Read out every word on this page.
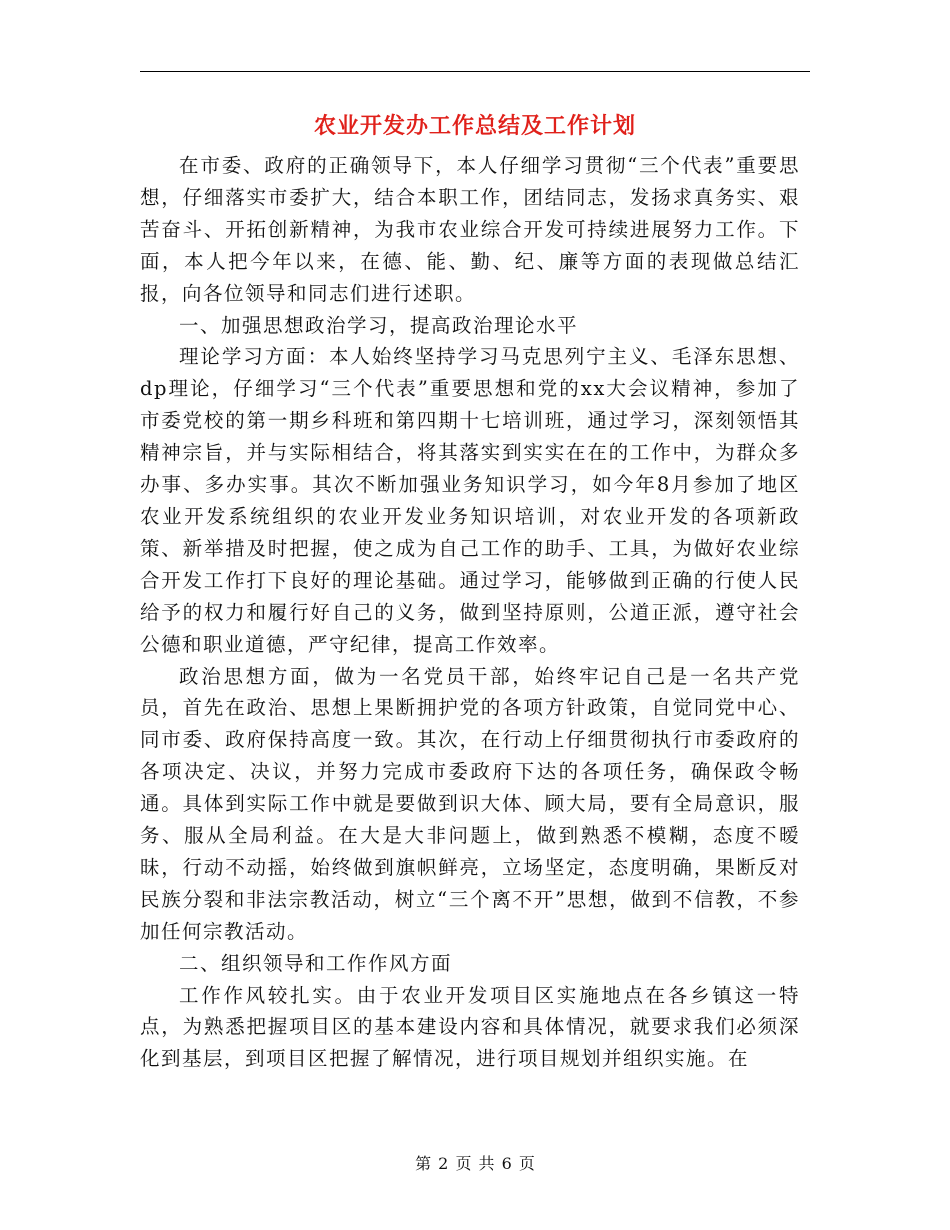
农业开发办工作总结及工作计划

在市委、政府的正确领导下，本人仔细学习贯彻“三个代表”重要思想，仔细落实市委扩大，结合本职工作，团结同志，发扬求真务实、艰苦奋斗、开拓创新精神，为我市农业综合开发可持续进展努力工作。下面，本人把今年以来，在德、能、勤、纪、廉等方面的表现做总结汇报，向各位领导和同志们进行述职。

一、加强思想政治学习，提高政治理论水平

理论学习方面：本人始终坚持学习马克思列宁主义、毛泽东思想、dp理论，仔细学习“三个代表”重要思想和党的xx大会议精神，参加了市委党校的第一期乡科班和第四期十七培训班，通过学习，深刻领悟其精神宗旨，并与实际相结合，将其落实到实实在在的工作中，为群众多办事、多办实事。其次不断加强业务知识学习，如今年8月参加了地区农业开发系统组织的农业开发业务知识培训，对农业开发的各项新政策、新举措及时把握，使之成为自己工作的助手、工具，为做好农业综合开发工作打下良好的理论基础。通过学习，能够做到正确的行使人民给予的权力和履行好自己的义务，做到坚持原则，公道正派，遵守社会公德和职业道德，严守纪律，提高工作效率。

政治思想方面，做为一名党员干部，始终牢记自己是一名共产党员，首先在政治、思想上果断拥护党的各项方针政策，自觉同党中心、同市委、政府保持高度一致。其次，在行动上仔细贯彻执行市委政府的各项决定、决议，并努力完成市委政府下达的各项任务，确保政令畅通。具体到实际工作中就是要做到识大体、顾大局，要有全局意识，服务、服从全局利益。在大是大非问题上，做到熟悉不模糊，态度不暧昧，行动不动摇，始终做到旗帜鲜亮，立场坚定，态度明确，果断反对民族分裂和非法宗教活动，树立“三个离不开”思想，做到不信教，不参加任何宗教活动。

二、组织领导和工作作风方面

工作作风较扎实。由于农业开发项目区实施地点在各乡镇这一特点，为熟悉把握项目区的基本建设内容和具体情况，就要求我们必须深化到基层，到项目区把握了解情况，进行项目规划并组织实施。在

第 2 页 共 6 页
